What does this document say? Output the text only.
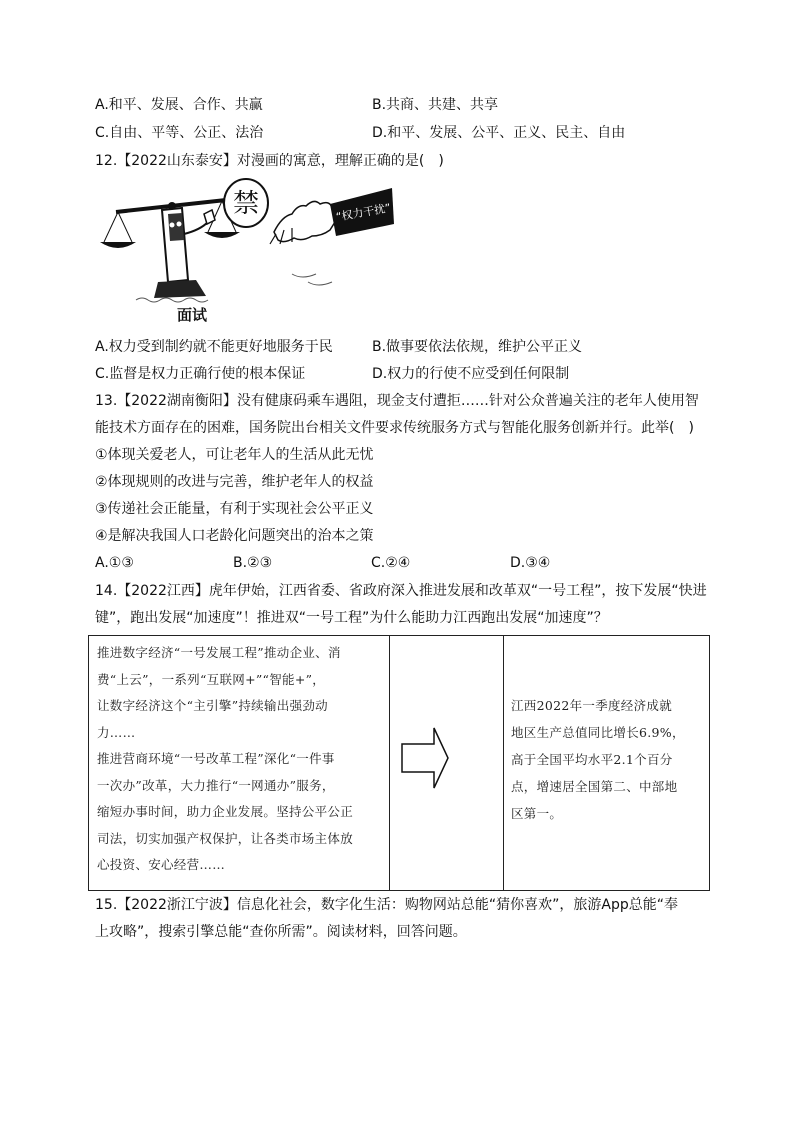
A.和平、发展、合作、共赢	B.共商、共建、共享
C.自由、平等、公正、法治	D.和平、发展、公平、正义、民主、自由
12.【2022山东泰安】对漫画的寓意，理解正确的是(　)
禁	“权力干扰”
面试
A.权力受到制约就不能更好地服务于民	B.做事要依法依规，维护公平正义
C.监督是权力正确行使的根本保证	D.权力的行使不应受到任何限制
13.【2022湖南衡阳】没有健康码乘车遇阻，现金支付遭拒……针对公众普遍关注的老年人使用智
能技术方面存在的困难，国务院出台相关文件要求传统服务方式与智能化服务创新并行。此举(　)
①体现关爱老人，可让老年人的生活从此无忧
②体现规则的改进与完善，维护老年人的权益
③传递社会正能量，有利于实现社会公平正义
④是解决我国人口老龄化问题突出的治本之策
A.①③	B.②③	C.②④	D.③④
14.【2022江西】虎年伊始，江西省委、省政府深入推进发展和改革双“一号工程”，按下发展“快进
键”，跑出发展“加速度”！推进双“一号工程”为什么能助力江西跑出发展“加速度”？
推进数字经济“一号发展工程”推动企业、消
费“上云”，一系列“互联网+”“智能+”，
让数字经济这个“主引擎”持续输出强劲动
力……
推进营商环境“一号改革工程”深化“一件事
一次办”改革，大力推行“一网通办”服务，
缩短办事时间，助力企业发展。坚持公平公正
司法，切实加强产权保护，让各类市场主体放
心投资、安心经营……
江西2022年一季度经济成就
地区生产总值同比增长6.9%，
高于全国平均水平2.1个百分
点，增速居全国第二、中部地
区第一。
15.【2022浙江宁波】信息化社会，数字化生活：购物网站总能“猜你喜欢”，旅游App总能“奉
上攻略”，搜索引擎总能“查你所需”。阅读材料，回答问题。
